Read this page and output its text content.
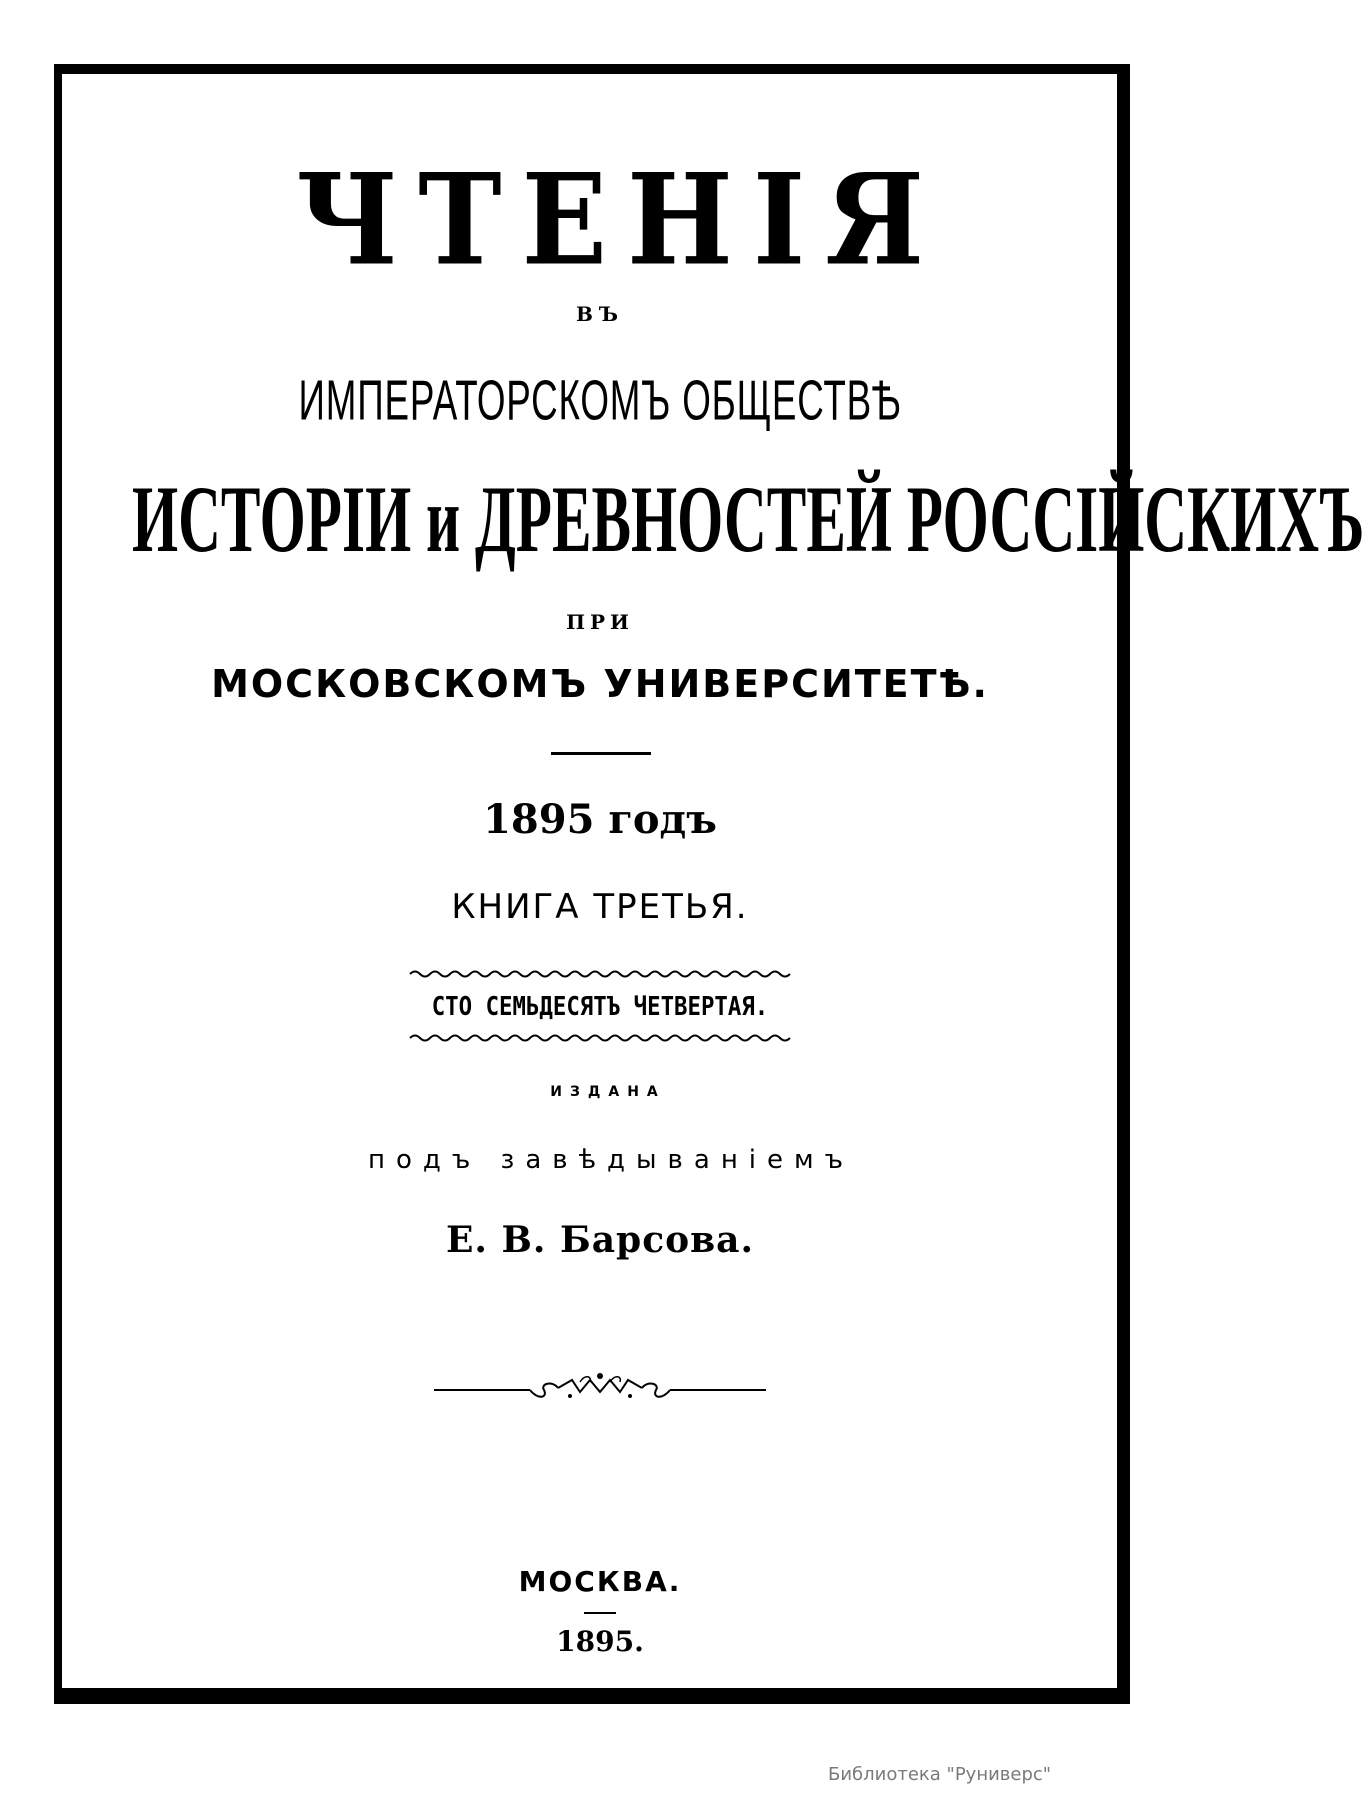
ЧТЕНІЯ
ВЪ
ИМПЕРАТОРСКОМЪ ОБЩЕСТВѢ
ИСТОРІИ и ДРЕВНОСТЕЙ РОССІЙСКИХЪ
ПРИ
МОСКОВСКОМЪ УНИВЕРСИТЕТѢ.
1895 годъ
КНИГА ТРЕТЬЯ.
СТО СЕМЬДЕСЯТЪ ЧЕТВЕРТАЯ.
ИЗДАНА
подъ завѣдываніемъ
Е. В. Барсова.
МОСКВА.
1895.
Библиотека "Руниверс"
